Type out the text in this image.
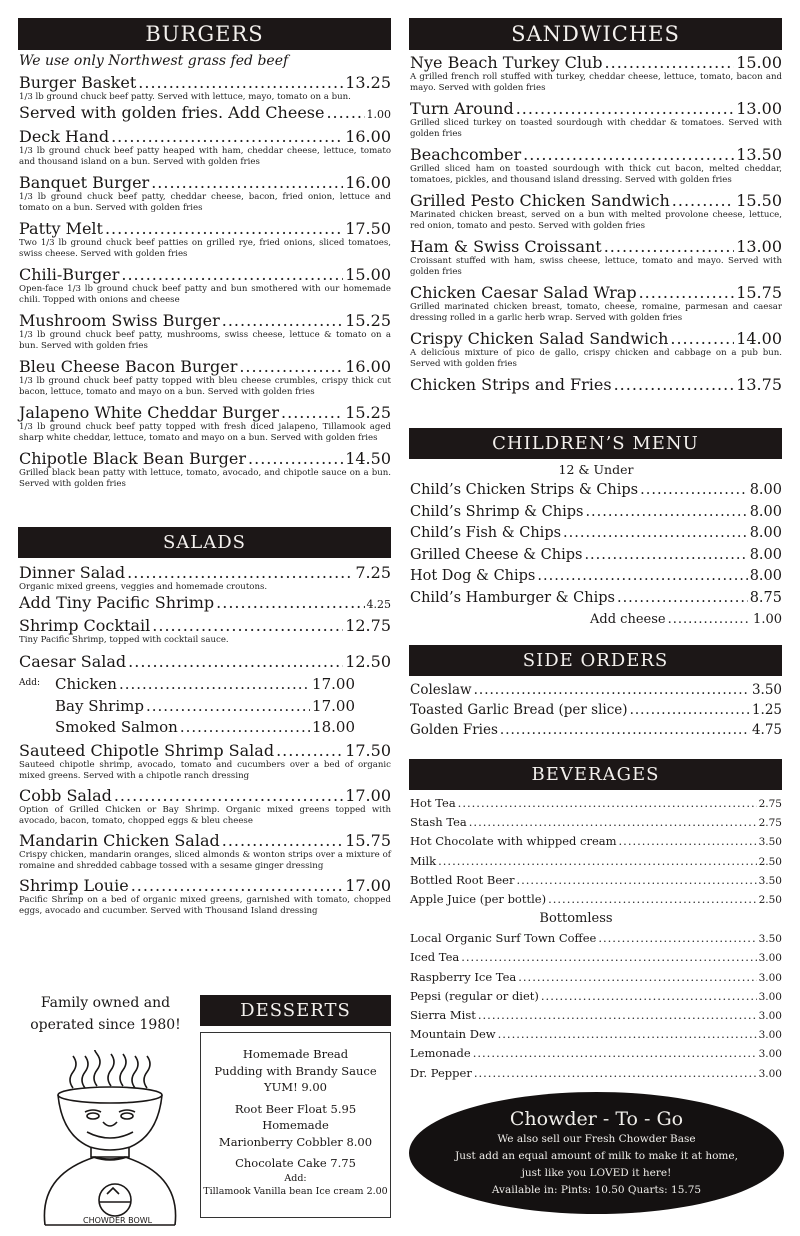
BURGERS
We use only Northwest grass fed beef
Burger Basket .....	13.25
1/3 lb ground chuck beef patty. Served with lettuce, mayo, tomato on a bun.
Served with golden fries. Add Cheese .....	1.00
Deck Hand .....	16.00
1/3 lb ground chuck beef patty heaped with ham, cheddar cheese, lettuce, tomato and thousand island on a bun. Served with golden fries
Banquet Burger .....	16.00
1/3 lb ground chuck beef patty, cheddar cheese, bacon, fried onion, lettuce and tomato on a bun. Served with golden fries
Patty Melt .....	17.50
Two 1/3 lb ground chuck beef patties on grilled rye, fried onions, sliced tomatoes, swiss cheese. Served with golden fries
Chili-Burger .....	15.00
Open-face 1/3 lb ground chuck beef patty and bun smothered with our homemade chili. Topped with onions and cheese
Mushroom Swiss Burger .....	15.25
1/3 lb ground chuck beef patty, mushrooms, swiss cheese, lettuce & tomato on a bun. Served with golden fries
Bleu Cheese Bacon Burger .....	16.00
1/3 lb ground chuck beef patty topped with bleu cheese crumbles, crispy thick cut bacon, lettuce, tomato and mayo on a bun. Served with golden fries
Jalapeno White Cheddar Burger .....	15.25
1/3 lb ground chuck beef patty topped with fresh diced jalapeno, Tillamook aged sharp white cheddar, lettuce, tomato and mayo on a bun. Served with golden fries
Chipotle Black Bean Burger .....	14.50
Grilled black bean patty with lettuce, tomato, avocado, and chipotle sauce on a bun. Served with golden fries
SALADS
Dinner Salad .....	7.25
Organic mixed greens, veggies and homemade croutons.
Add Tiny Pacific Shrimp .....	4.25
Shrimp Cocktail .....	12.75
Tiny Pacific Shrimp, topped with cocktail sauce.
Caesar Salad .....	12.50
Add: Chicken .....	17.00
Bay Shrimp .....	17.00
Smoked Salmon .....	18.00
Sauteed Chipotle Shrimp Salad .....	17.50
Sauteed chipotle shrimp, avocado, tomato and cucumbers over a bed of organic mixed greens. Served with a chipotle ranch dressing
Cobb Salad .....	17.00
Option of Grilled Chicken or Bay Shrimp. Organic mixed greens topped with avocado, bacon, tomato, chopped eggs & bleu cheese
Mandarin Chicken Salad .....	15.75
Crispy chicken, mandarin oranges, sliced almonds & wonton strips over a mixture of romaine and shredded cabbage tossed with a sesame ginger dressing
Shrimp Louie .....	17.00
Pacific Shrimp on a bed of organic mixed greens, garnished with tomato, chopped eggs, avocado and cucumber. Served with Thousand Island dressing
Family owned and
operated since 1980!
CHOWDER BOWL
DESSERTS
Homemade Bread
Pudding with Brandy Sauce
YUM! 9.00
Root Beer Float 5.95
Homemade
Marionberry Cobbler 8.00
Chocolate Cake 7.75
Add:
Tillamook Vanilla bean Ice cream 2.00
SANDWICHES
Nye Beach Turkey Club .....	15.00
A grilled french roll stuffed with turkey, cheddar cheese, lettuce, tomato, bacon and mayo. Served with golden fries
Turn Around .....	13.00
Grilled sliced turkey on toasted sourdough with cheddar & tomatoes. Served with golden fries
Beachcomber .....	13.50
Grilled sliced ham on toasted sourdough with thick cut bacon, melted cheddar, tomatoes, pickles, and thousand island dressing. Served with golden fries
Grilled Pesto Chicken Sandwich .....	15.50
Marinated chicken breast, served on a bun with melted provolone cheese, lettuce, red onion, tomato and pesto. Served with golden fries
Ham & Swiss Croissant .....	13.00
Croissant stuffed with ham, swiss cheese, lettuce, tomato and mayo. Served with golden fries
Chicken Caesar Salad Wrap .....	15.75
Grilled marinated chicken breast, tomato, cheese, romaine, parmesan and caesar dressing rolled in a garlic herb wrap. Served with golden fries
Crispy Chicken Salad Sandwich .....	14.00
A delicious mixture of pico de gallo, crispy chicken and cabbage on a pub bun. Served with golden fries
Chicken Strips and Fries .....	13.75
CHILDREN’S MENU
12 & Under
Child’s Chicken Strips & Chips .....	8.00
Child’s Shrimp & Chips .....	8.00
Child’s Fish & Chips .....	8.00
Grilled Cheese & Chips .....	8.00
Hot Dog & Chips .....	8.00
Child’s Hamburger & Chips .....	8.75
Add cheese .....	1.00
SIDE ORDERS
Coleslaw .....	3.50
Toasted Garlic Bread (per slice) .....	1.25
Golden Fries .....	4.75
BEVERAGES
Hot Tea .....	2.75
Stash Tea .....	2.75
Hot Chocolate with whipped cream .....	3.50
Milk .....	2.50
Bottled Root Beer .....	3.50
Apple Juice (per bottle) .....	2.50
Bottomless
Local Organic Surf Town Coffee .....	3.50
Iced Tea .....	3.00
Raspberry Ice Tea .....	3.00
Pepsi (regular or diet) .....	3.00
Sierra Mist .....	3.00
Mountain Dew .....	3.00
Lemonade .....	3.00
Dr. Pepper .....	3.00
Chowder - To - Go
We also sell our Fresh Chowder Base
Just add an equal amount of milk to make it at home,
just like you LOVED it here!
Available in: Pints: 10.50 Quarts: 15.75
